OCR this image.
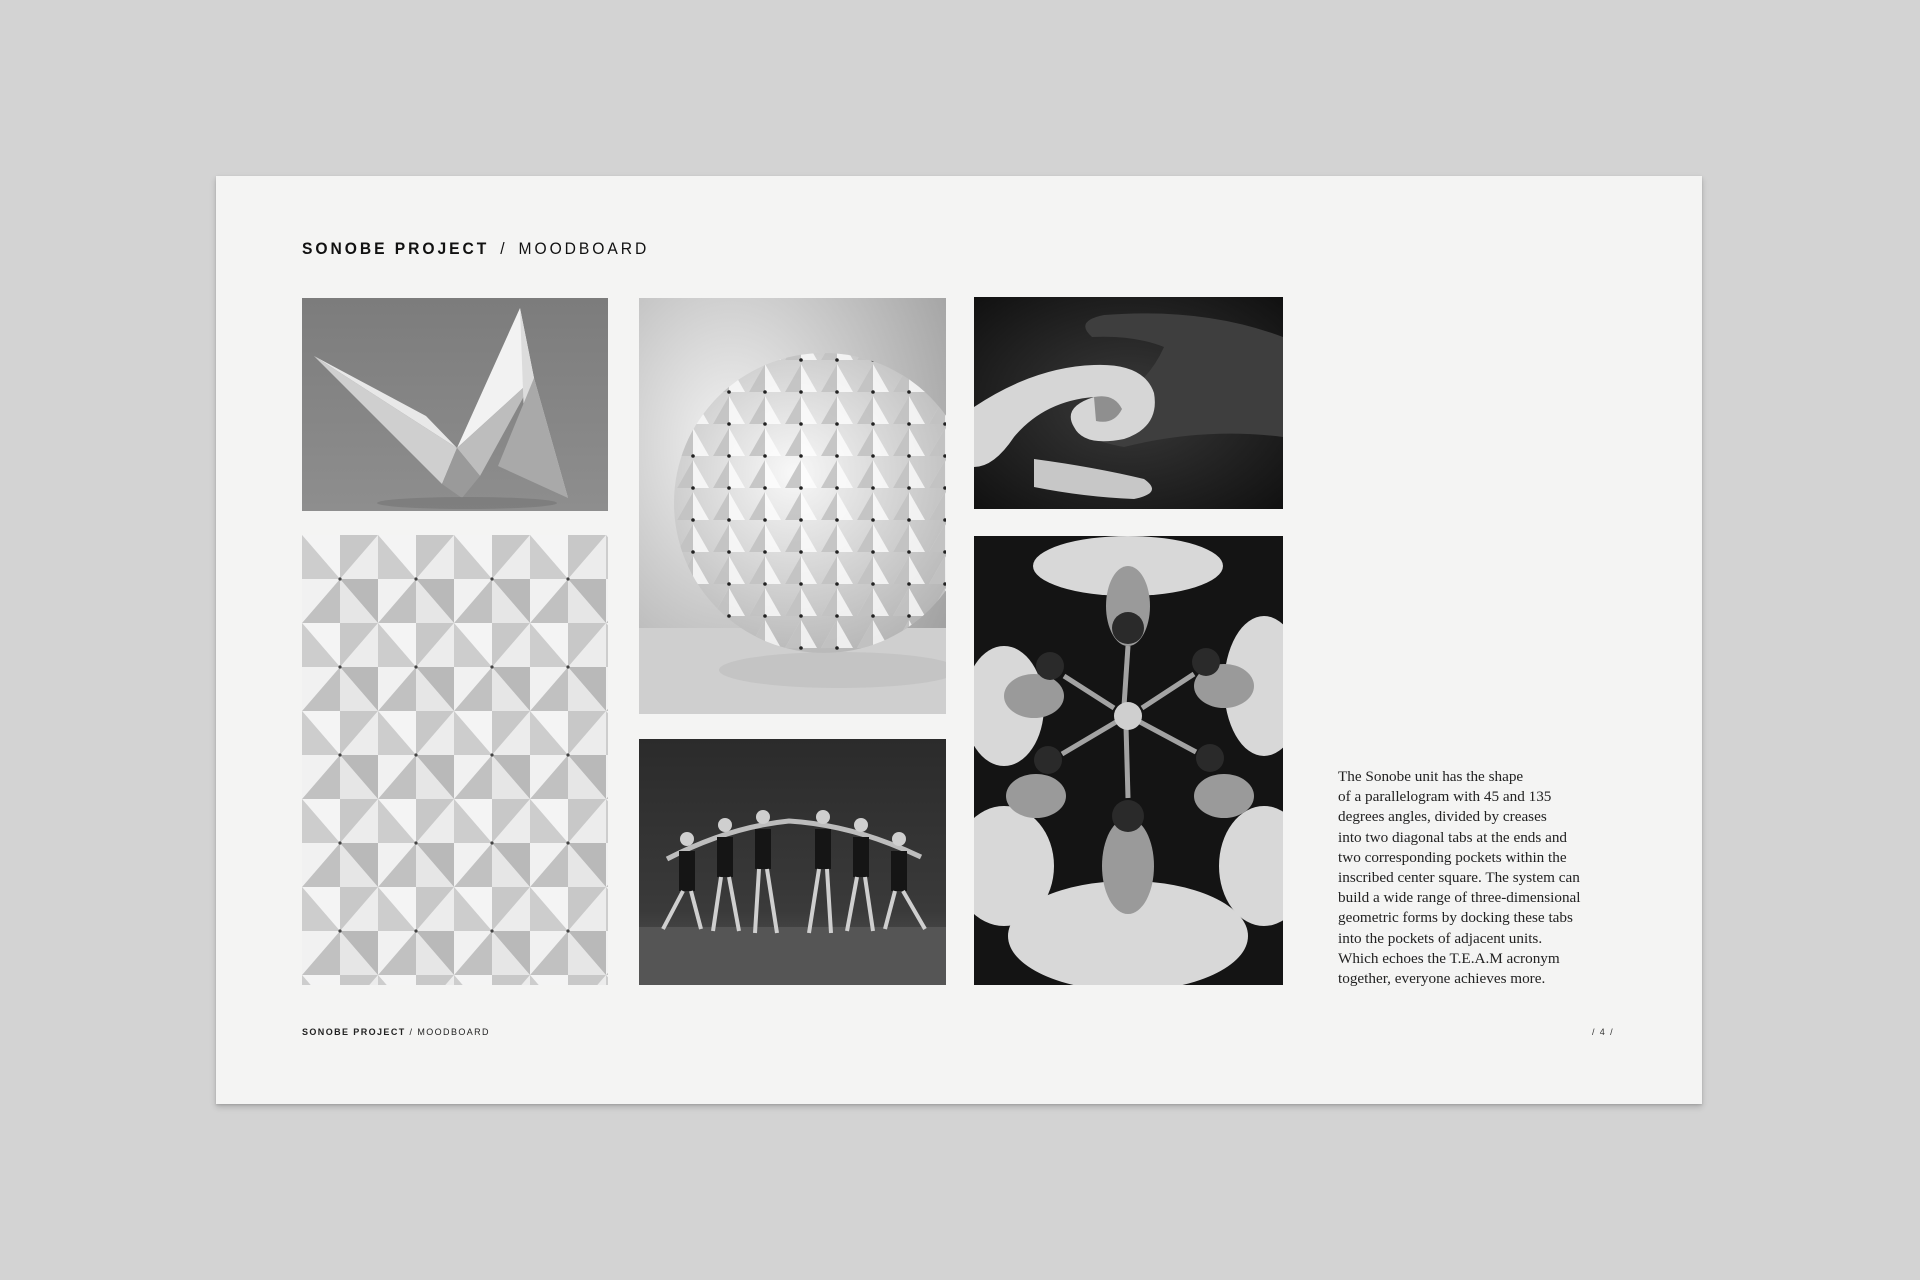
SONOBE PROJECT / MOODBOARD
The Sonobe unit has the shape
of a parallelogram with 45 and 135
degrees angles, divided by creases
into two diagonal tabs at the ends and
two corresponding pockets within the
inscribed center square. The system can
build a wide range of three-dimensional
geometric forms by docking these tabs
into the pockets of adjacent units.
Which echoes the T.E.A.M acronym
together, everyone achieves more.
SONOBE PROJECT / MOODBOARD	/ 4 /
